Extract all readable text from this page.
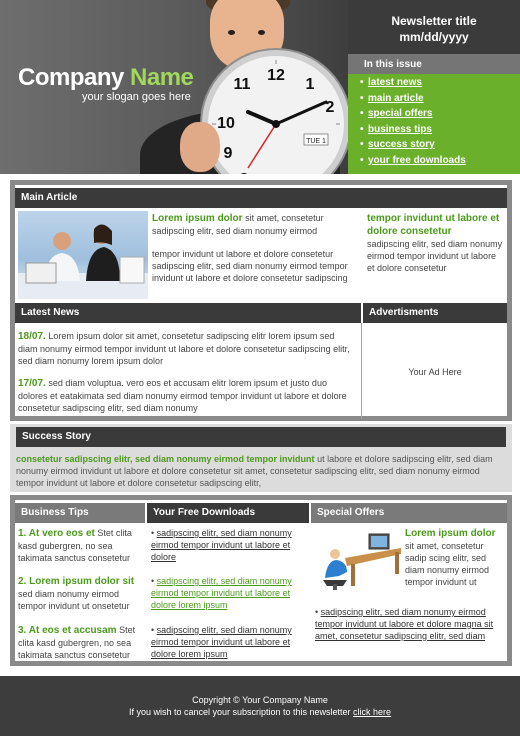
12
1
2
11
10
9
TUE 1
Company Name
your slogan goes here
Newsletter title
mm/dd/yyyy
In this issue
• latest news
• main article
• special offers
• business tips
• success story
• your free downloads
Main Article
Lorem ipsum dolor sit amet, consetetur sadipscing elitr, sed diam nonumy eirmod
tempor invidunt ut labore et dolore consetetur sadipscing elitr, sed diam nonumy eirmod tempor invidunt ut labore et dolore consetetur sadipscing
tempor invidunt ut labore et dolore consetetur
sadipscing elitr, sed diam nonumy eirmod tempor invidunt ut labore et dolore consetetur
Latest News	Advertisments
18/07. Lorem ipsum dolor sit amet, consetetur sadipscing elitr lorem ipsum sed diam nonumy eirmod tempor invidunt ut labore et dolore consetetur sadipscing elitr, sed diam nonumy lorem ipsum dolor
17/07. sed diam voluptua. vero eos et accusam elitr lorem ipsum et justo duo dolores et eatakimata sed diam nonumy eirmod tempor invidunt ut labore et dolore consetetur sadipscing elitr, sed diam nonumy
Your Ad Here
Success Story
consetetur sadipscing elitr, sed diam nonumy eirmod tempor invidunt ut labore et dolore sadipscing elitr, sed diam nonumy eirmod invidunt ut labore et dolore consetetur sit amet, consetetur sadipscing elitr, sed diam nonumy eirmod tempor invidunt ut labore et dolore consetetur sadipscing elitr,
Business Tips	Your Free Downloads	Special Offers
1. At vero eos et Stet clita kasd gubergren, no sea takimata sanctus consetetur
2. Lorem ipsum dolor sit sed diam nonumy eirmod tempor invidunt ut onsetetur
3. At eos et accusam Stet clita kasd gubergren, no sea takimata sanctus consetetur
• sadipscing elitr, sed diam nonumy eirmod tempor invidunt ut labore et dolore
• sadipscing elitr, sed diam nonumy eirmod tempor invidunt ut labore et dolore lorem ipsum
• sadipscing elitr, sed diam nonumy eirmod tempor invidunt ut labore et dolore lorem ipsum
Lorem ipsum dolor
sit amet, consetetur sadip scing elitr, sed diam nonumy eirmod tempor invidunt ut
• sadipscing elitr, sed diam nonumy eirmod tempor invidunt ut labore et dolore magna sit amet, consetetur sadipscing elitr, sed diam
Copyright © Your Company Name
If you wish to cancel your subscription to this newsletter click here
